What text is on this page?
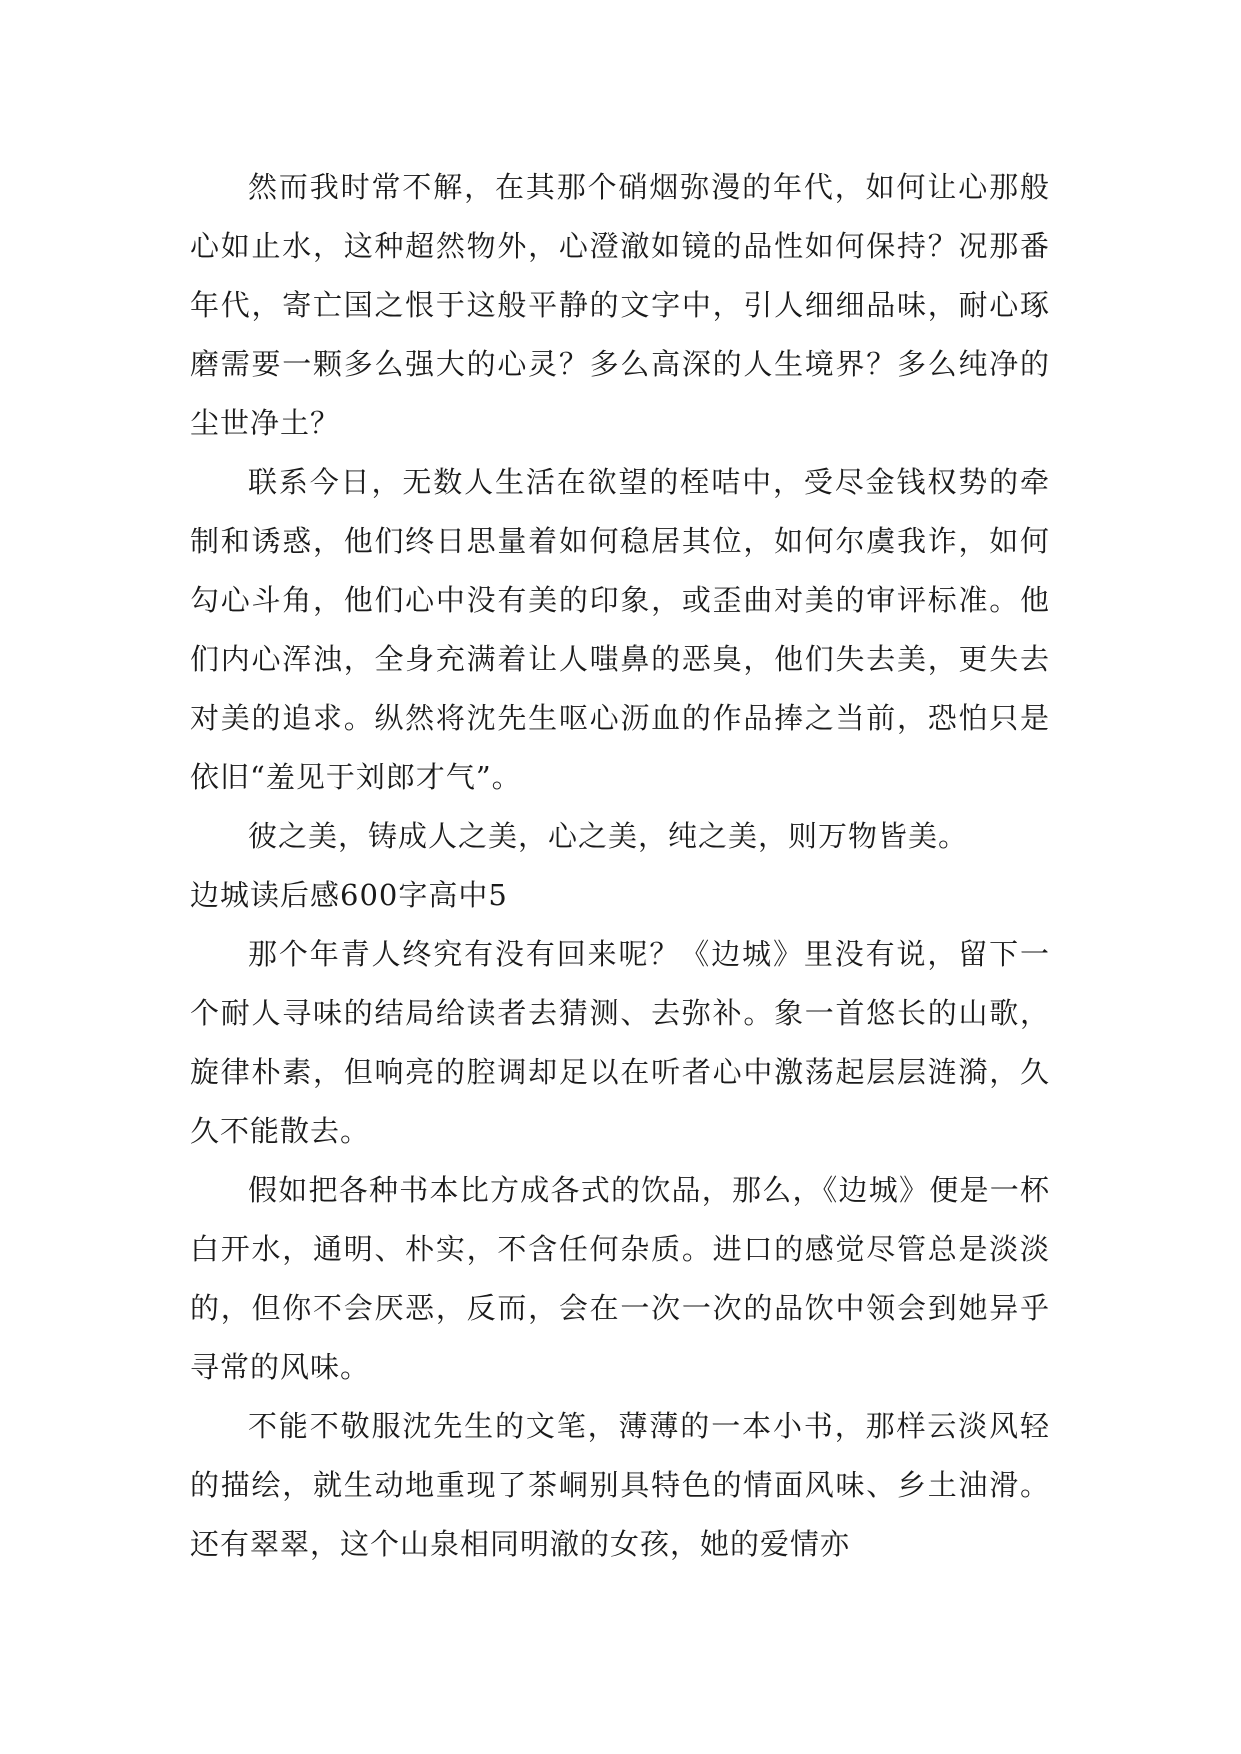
然而我时常不解，在其那个硝烟弥漫的年代，如何让心那般心如止水，这种超然物外，心澄澈如镜的品性如何保持？况那番年代，寄亡国之恨于这般平静的文字中，引人细细品味，耐心琢磨需要一颗多么强大的心灵？多么高深的人生境界？多么纯净的尘世净土？

联系今日，无数人生活在欲望的桎咭中，受尽金钱权势的牵制和诱惑，他们终日思量着如何稳居其位，如何尔虞我诈，如何勾心斗角，他们心中没有美的印象，或歪曲对美的审评标准。他们内心浑浊，全身充满着让人嗤鼻的恶臭，他们失去美，更失去对美的追求。纵然将沈先生呕心沥血的作品捧之当前，恐怕只是依旧“羞见于刘郎才气”。

彼之美，铸成人之美，心之美，纯之美，则万物皆美。

边城读后感600字高中5

那个年青人终究有没有回来呢？《边城》里没有说，留下一个耐人寻味的结局给读者去猜测、去弥补。象一首悠长的山歌，旋律朴素，但响亮的腔调却足以在听者心中激荡起层层涟漪，久久不能散去。

假如把各种书本比方成各式的饮品，那么，《边城》便是一杯白开水，通明、朴实，不含任何杂质。进口的感觉尽管总是淡淡的，但你不会厌恶，反而，会在一次一次的品饮中领会到她异乎寻常的风味。

不能不敬服沈先生的文笔，薄薄的一本小书，那样云淡风轻的描绘，就生动地重现了茶峒别具特色的情面风味、乡土油滑。还有翠翠，这个山泉相同明澈的女孩，她的爱情亦
